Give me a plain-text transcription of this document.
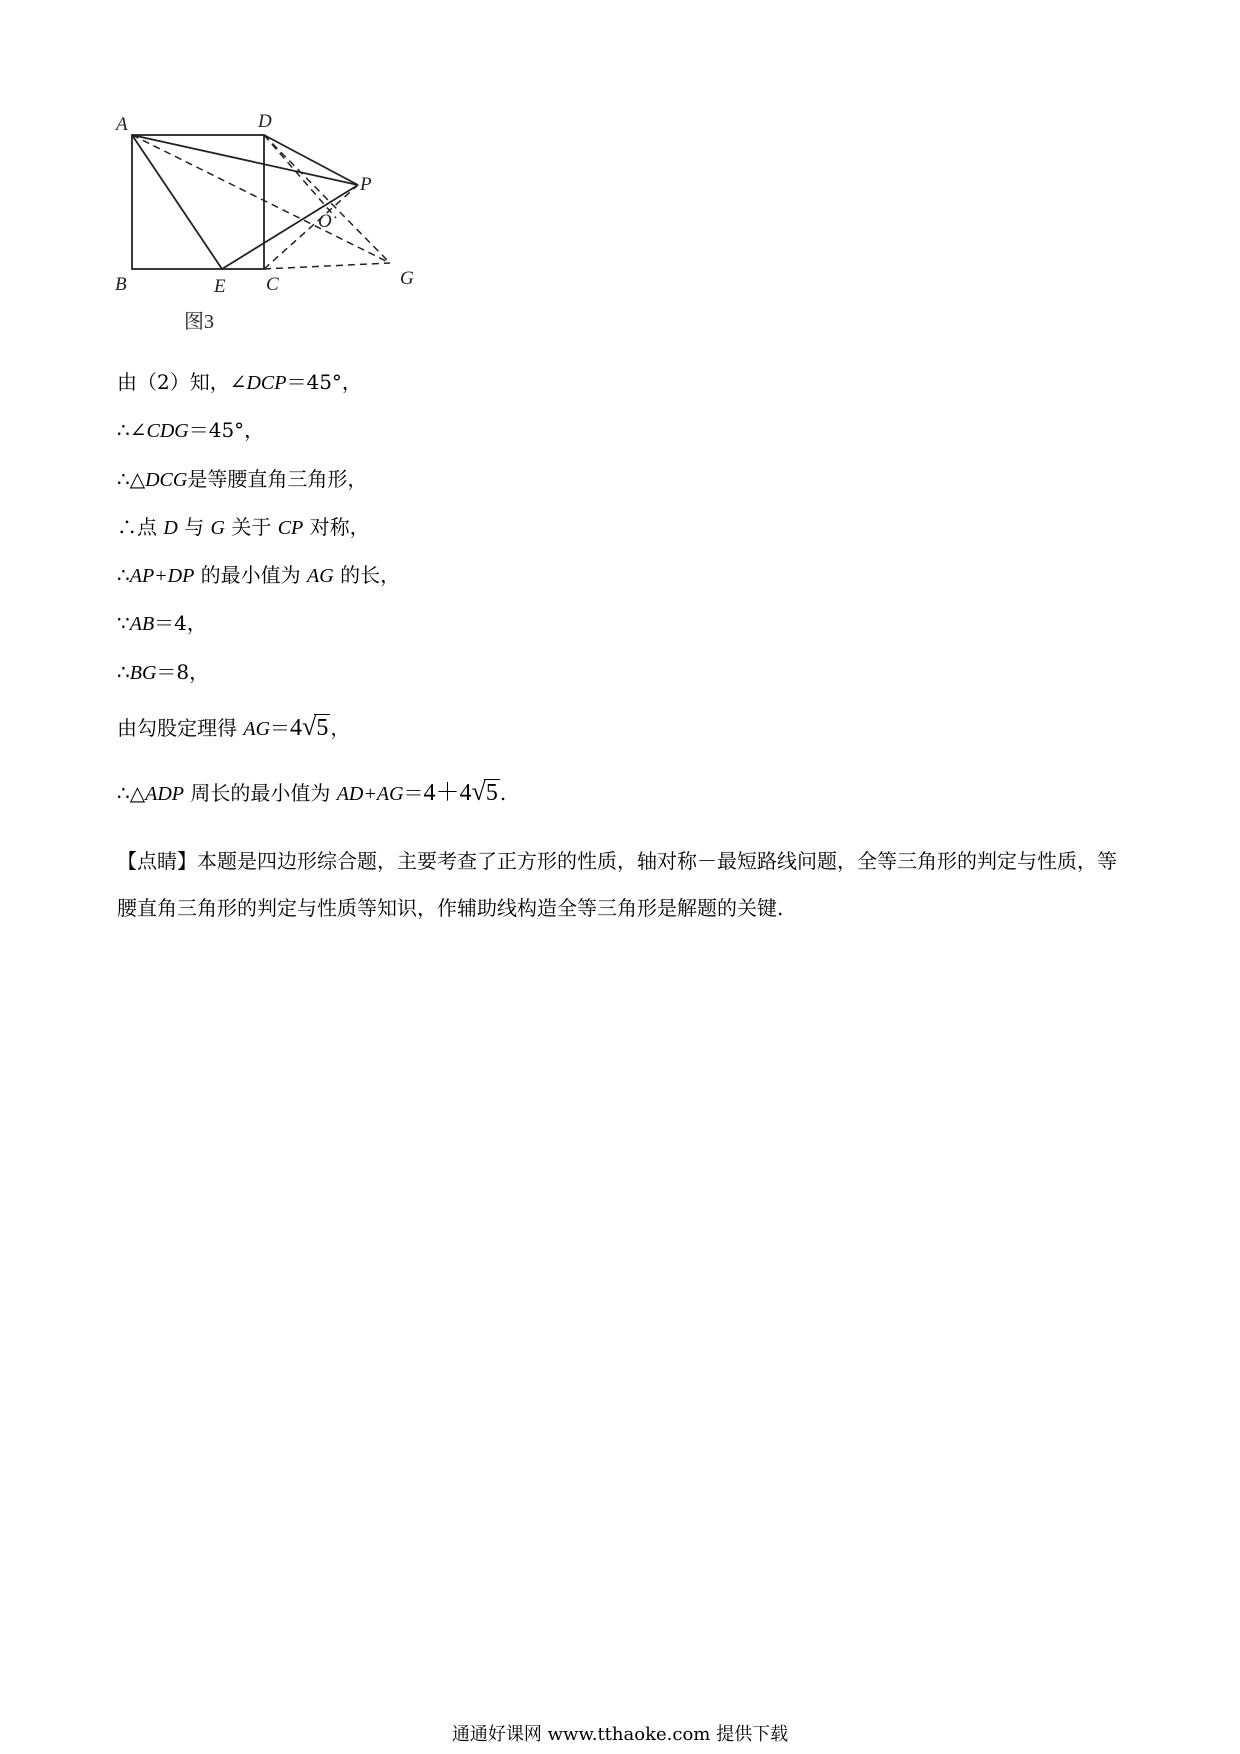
A	D
P
O
B	E C	G
图3
由（2）知，∠DCP＝45°，
∴∠CDG＝45°，
∴△DCG是等腰直角三角形，
∴点 D 与 G 关于 CP 对称，
∴AP+DP 的最小值为 AG 的长，
∵AB＝4，
∴BG＝8，
由勾股定理得 AG＝4√5 ，
∴△ADP 周长的最小值为 AD+AG＝4＋4√5 .
【点睛】本题是四边形综合题，主要考查了正方形的性质，轴对称－最短路线问题，全等三角形的判定与性质，等腰直角三角形的判定与性质等知识，作辅助线构造全等三角形是解题的关键.
通通好课网 www.tthaoke.com 提供下载
